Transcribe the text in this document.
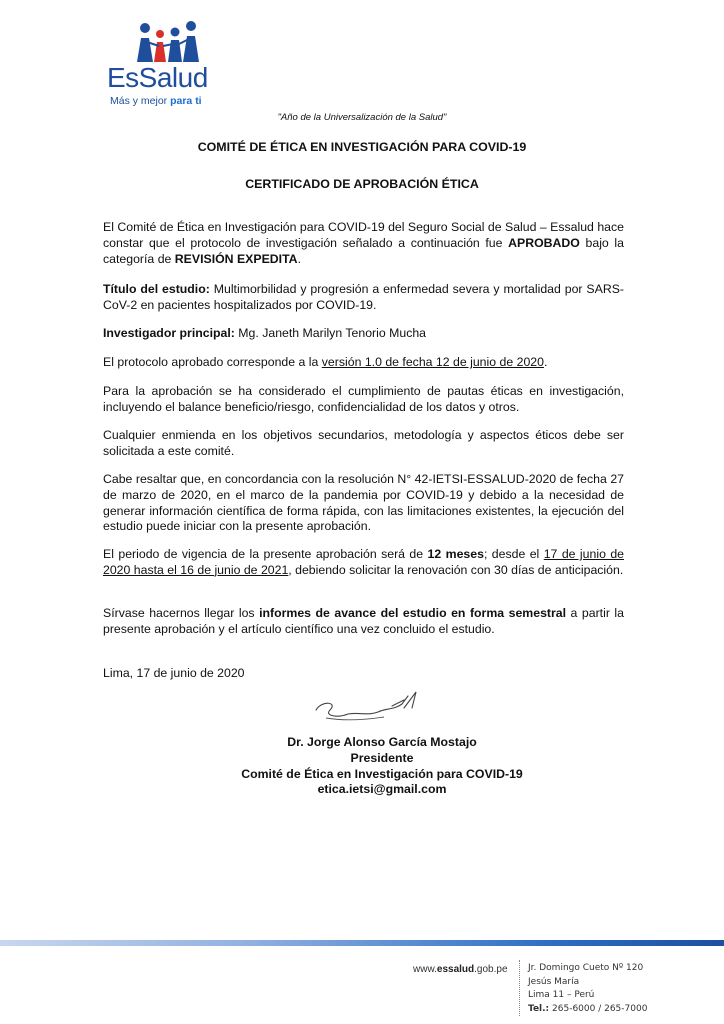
EsSalud
Más y mejor para ti
"Año de la Universalización de la Salud"
COMITÉ DE ÉTICA EN INVESTIGACIÓN PARA COVID-19
CERTIFICADO DE APROBACIÓN ÉTICA
El Comité de Ética en Investigación para COVID-19 del Seguro Social de Salud – Essalud hace constar que el protocolo de investigación señalado a continuación fue APROBADO bajo la categoría de REVISIÓN EXPEDITA.
Título del estudio: Multimorbilidad y progresión a enfermedad severa y mortalidad por SARS-CoV-2 en pacientes hospitalizados por COVID-19.
Investigador principal: Mg. Janeth Marilyn Tenorio Mucha
El protocolo aprobado corresponde a la versión 1.0 de fecha 12 de junio de 2020.
Para la aprobación se ha considerado el cumplimiento de pautas éticas en investigación, incluyendo el balance beneficio/riesgo, confidencialidad de los datos y otros.
Cualquier enmienda en los objetivos secundarios, metodología y aspectos éticos debe ser solicitada a este comité.
Cabe resaltar que, en concordancia con la resolución N° 42-IETSI-ESSALUD-2020 de fecha 27 de marzo de 2020, en el marco de la pandemia por COVID-19 y debido a la necesidad de generar información científica de forma rápida, con las limitaciones existentes, la ejecución del estudio puede iniciar con la presente aprobación.
El periodo de vigencia de la presente aprobación será de 12 meses; desde el 17 de junio de 2020 hasta el 16 de junio de 2021, debiendo solicitar la renovación con 30 días de anticipación.
Sírvase hacernos llegar los informes de avance del estudio en forma semestral a partir la presente aprobación y el artículo científico una vez concluido el estudio.
Lima, 17 de junio de 2020
Dr. Jorge Alonso García Mostajo
Presidente
Comité de Ética en Investigación para COVID-19
etica.ietsi@gmail.com
www.essalud.gob.pe Jr. Domingo Cueto Nº 120
Jesús María
Lima 11 – Perú
Tel.: 265-6000 / 265-7000
